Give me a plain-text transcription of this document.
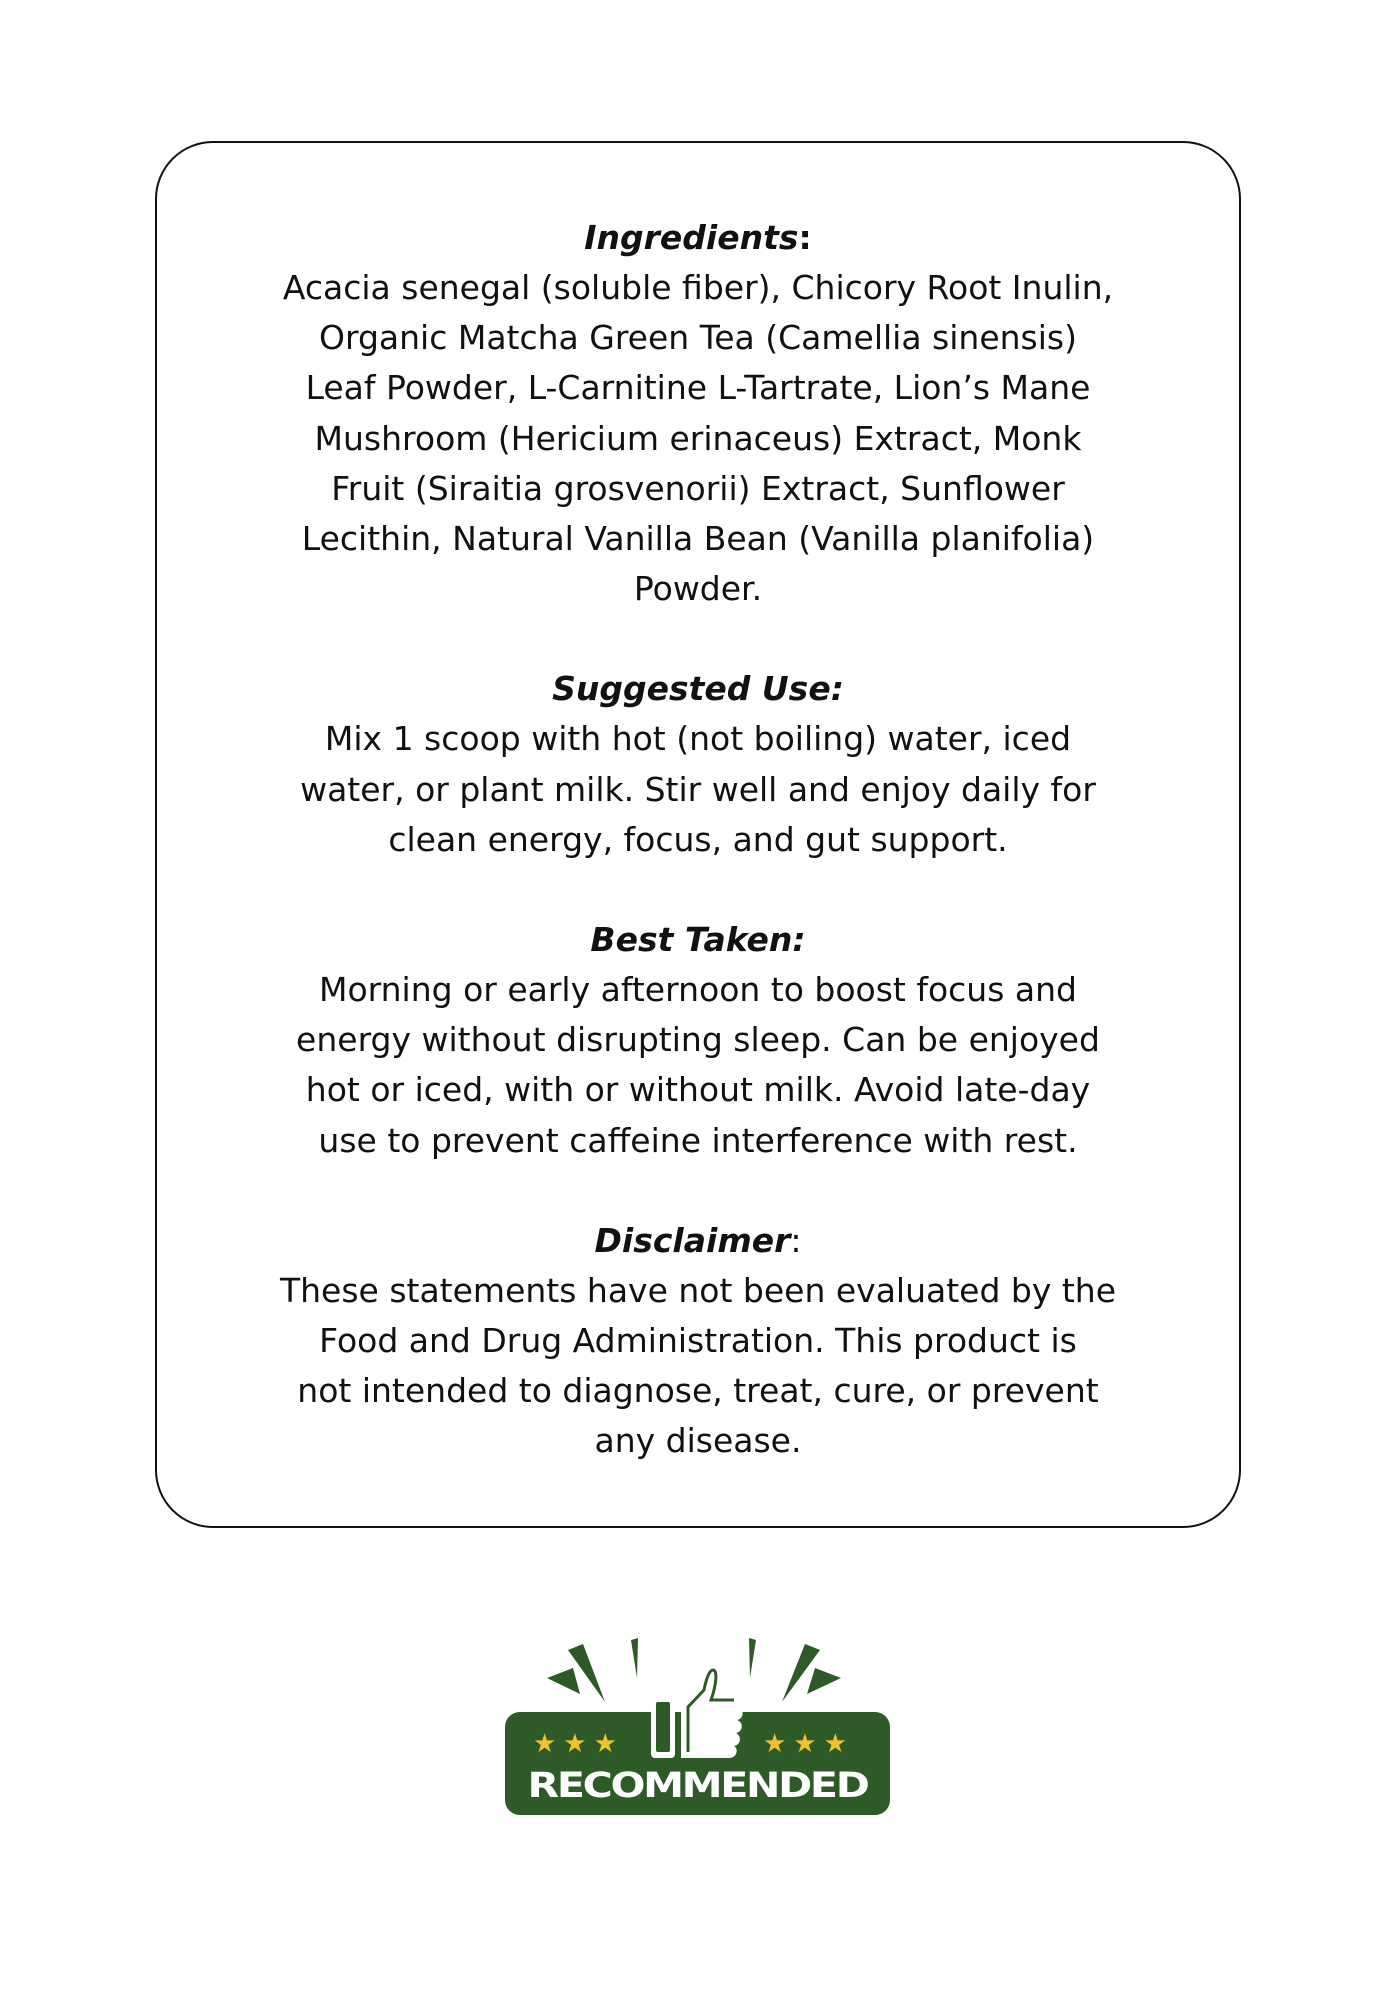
Ingredients:
Acacia senegal (soluble fiber), Chicory Root Inulin,
Organic Matcha Green Tea (Camellia sinensis)
Leaf Powder, L-Carnitine L-Tartrate, Lion’s Mane
Mushroom (Hericium erinaceus) Extract, Monk
Fruit (Siraitia grosvenorii) Extract, Sunflower
Lecithin, Natural Vanilla Bean (Vanilla planifolia)
Powder.
Suggested Use:
Mix 1 scoop with hot (not boiling) water, iced
water, or plant milk. Stir well and enjoy daily for
clean energy, focus, and gut support.
Best Taken:
Morning or early afternoon to boost focus and
energy without disrupting sleep. Can be enjoyed
hot or iced, with or without milk. Avoid late-day
use to prevent caffeine interference with rest.
Disclaimer:
These statements have not been evaluated by the
Food and Drug Administration. This product is
not intended to diagnose, treat, cure, or prevent
any disease.
★★★	★★★
RECOMMENDED
